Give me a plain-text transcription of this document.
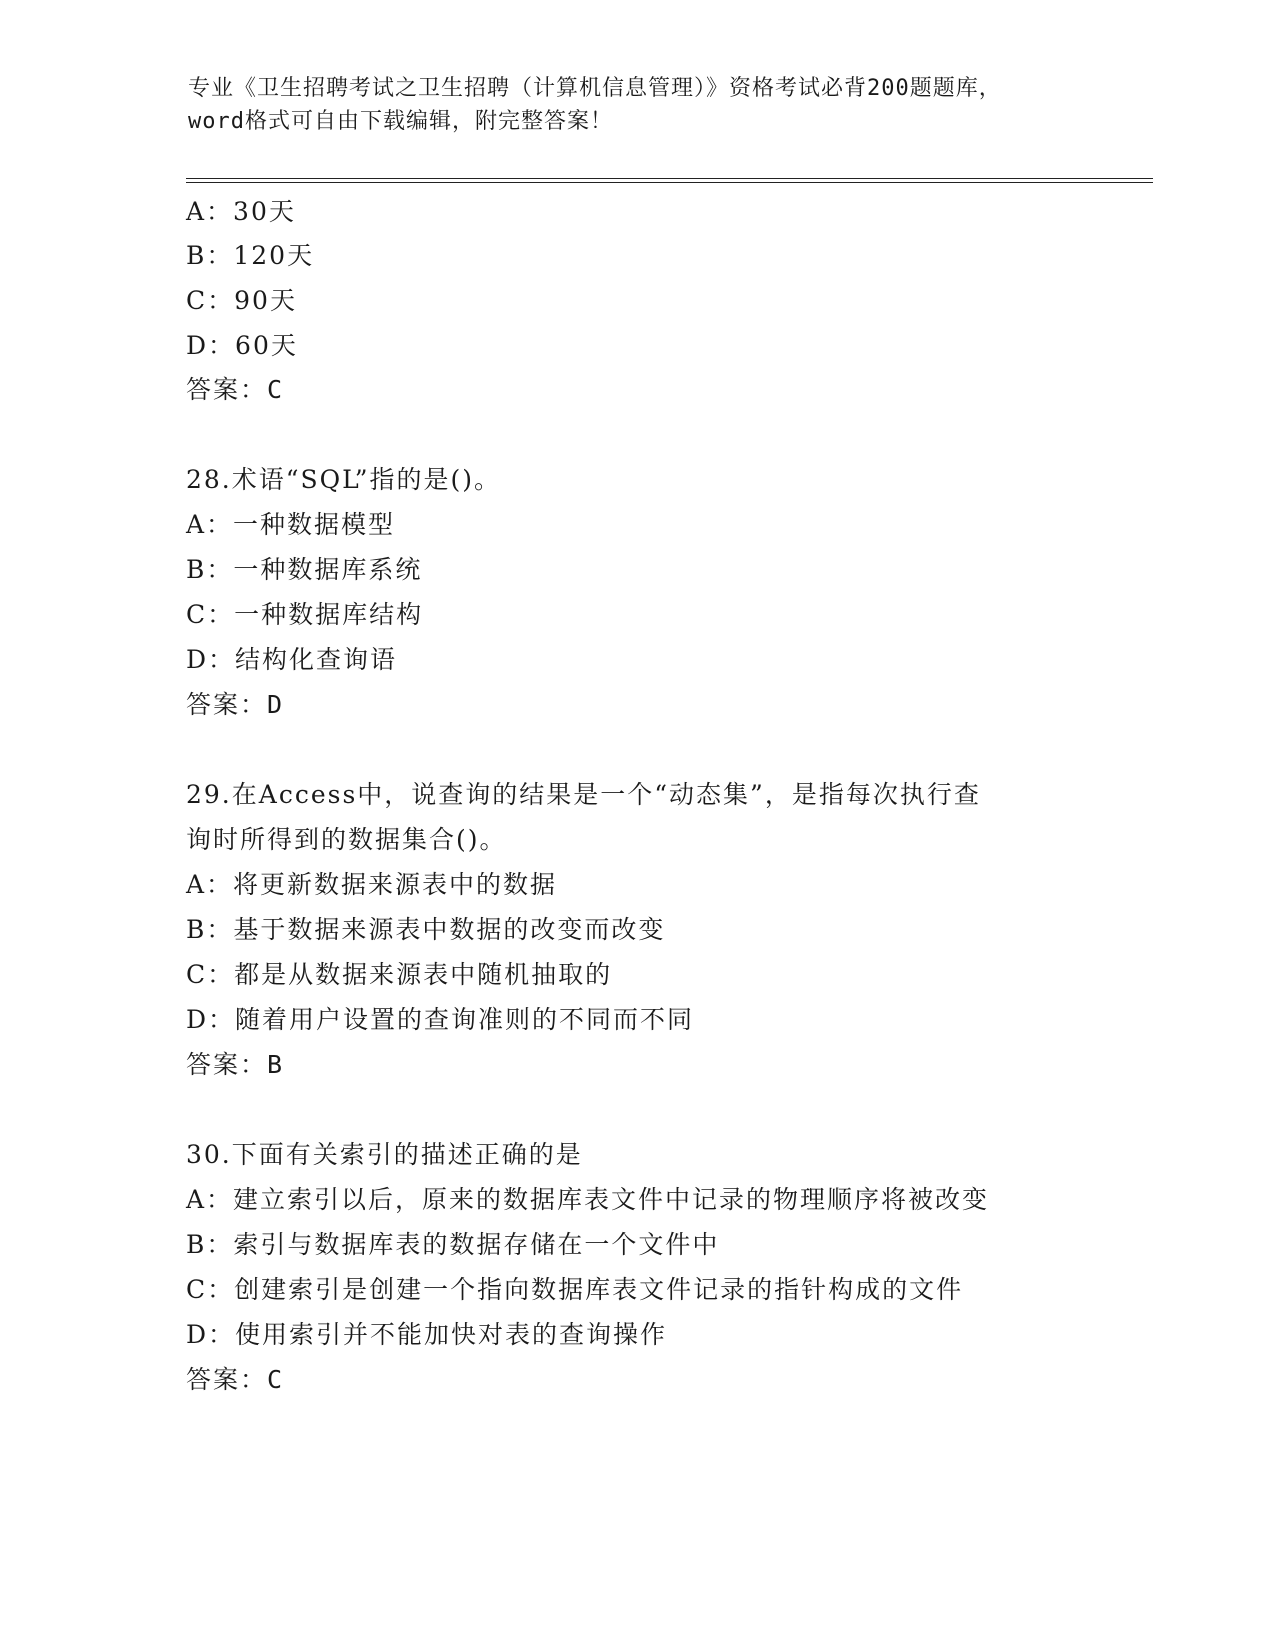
专业《卫生招聘考试之卫生招聘（计算机信息管理）》资格考试必背200题题库，
word格式可自由下载编辑，附完整答案！
A：30天
B：120天
C：90天
D：60天
答案：C
28.术语“SQL”指的是()。
A：一种数据模型
B：一种数据库系统
C：一种数据库结构
D：结构化查询语
答案：D
29.在Access中，说查询的结果是一个“动态集”，是指每次执行查
询时所得到的数据集合()。
A：将更新数据来源表中的数据
B：基于数据来源表中数据的改变而改变
C：都是从数据来源表中随机抽取的
D：随着用户设置的查询准则的不同而不同
答案：B
30.下面有关索引的描述正确的是
A：建立索引以后，原来的数据库表文件中记录的物理顺序将被改变
B：索引与数据库表的数据存储在一个文件中
C：创建索引是创建一个指向数据库表文件记录的指针构成的文件
D：使用索引并不能加快对表的查询操作
答案：C
